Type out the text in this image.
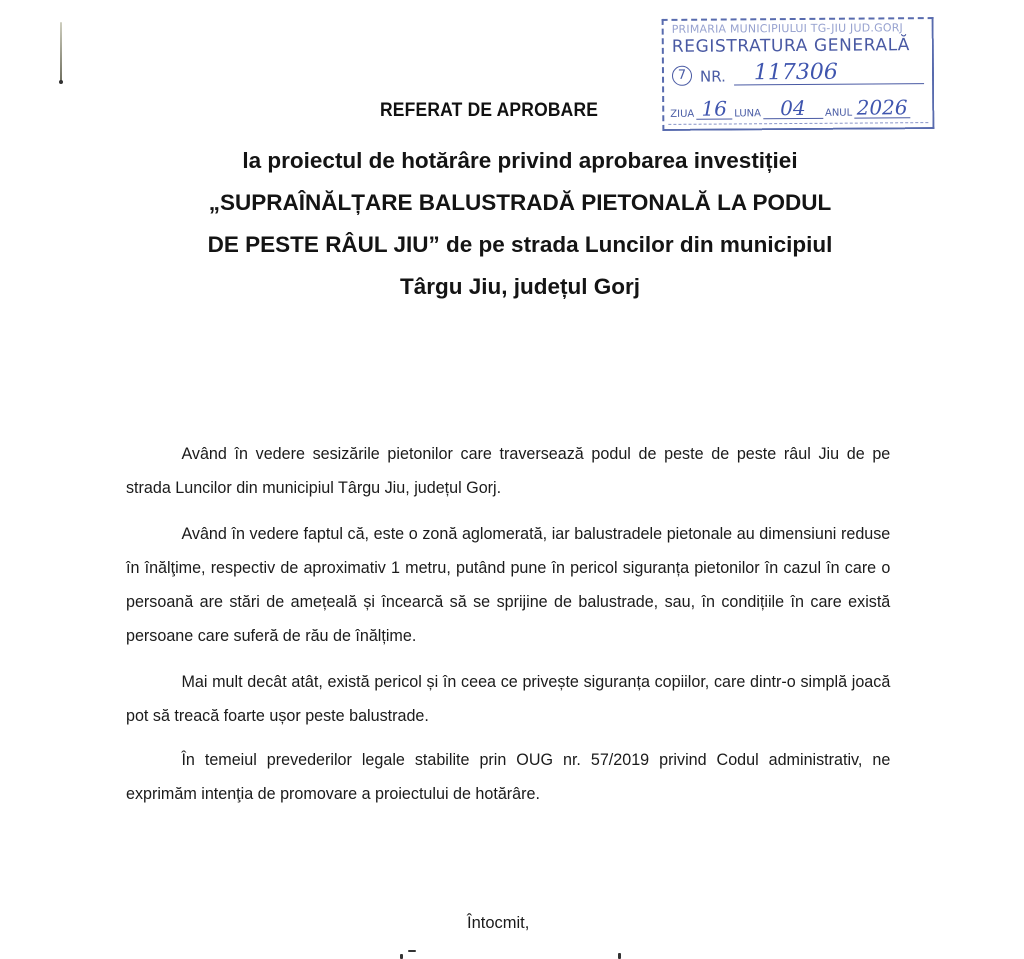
PRIMARIA MUNICIPIULUI TG-JIU JUD.GORJ
REGISTRATURA GENERALĂ
7 NR.	117306
ZIUA 16 LUNA 04	ANUL 2026
REFERAT DE APROBARE
la proiectul de hotărâre privind aprobarea investiției
„SUPRAÎNĂLȚARE BALUSTRADĂ PIETONALĂ LA PODUL
DE PESTE RÂUL JIU” de pe strada Luncilor din municipiul
Târgu Jiu, județul Gorj

Având în vedere sesizările pietonilor care traversează podul de peste de peste râul Jiu de pe strada Luncilor din municipiul Târgu Jiu, județul Gorj.

Având în vedere faptul că, este o zonă aglomerată, iar balustradele pietonale au dimensiuni reduse în înălţime, respectiv de aproximativ 1 metru, putând pune în pericol siguranța pietonilor în cazul în care o persoană are stări de amețeală și încearcă să se sprijine de balustrade, sau, în condițiile în care există persoane care suferă de rău de înălțime.

Mai mult decât atât, există pericol și în ceea ce privește siguranța copiilor, care dintr-o simplă joacă pot să treacă foarte ușor peste balustrade.

În temeiul prevederilor legale stabilite prin OUG nr. 57/2019 privind Codul administrativ, ne exprimăm intenţia de promovare a proiectului de hotărâre.

Întocmit,
